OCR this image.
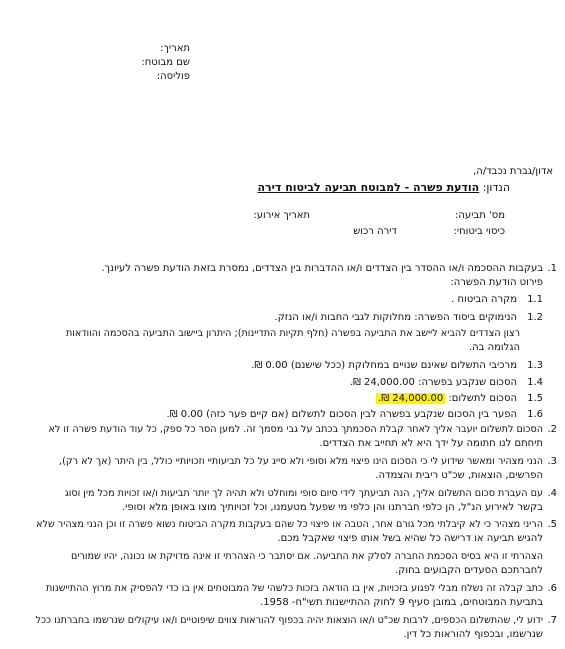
תאריך:
שם מבוטח:
פוליסה:
אדון/גברת נכבד/ה,
הנדון: הודעת פשרה - למבוטח תביעה לביטוח דירה
מס' תביעה:
תאריך אירוע:
כיסוי ביטוחי:
דירה רכוש
1.
בעקבות ההסכמה ו/או ההסדר בין הצדדים ו/או ההדברות בין הצדדים, נמסרת בזאת הודעת פשרה לעיונך.
פירוט הודעת הפשרה:
1.1
מקרה הביטוח .
1.2
הנימוקים ביסוד הפשרה: מחלוקות לגבי החבות ו/או הנזק.
רצון הצדדים להביא ליישב את התביעה בפשרה (חלף תקיות התדיינות); היתרון ביישוב התביעה בהסכמה והוודאות
הגלומה בה.
1.3
מרכיבי התשלום שאינם שנויים במחלוקת (ככל שישנם) 0.00 ₪.
1.4
הסכום שנקבע בפשרה: 24,000.00 ₪.
1.5
הסכום לתשלום: 24,000.00 ₪.
1.6
הפער בין הסכום שנקבע בפשרה לבין הסכום לתשלום (אם קיים פער כזה) 0.00 ₪.
2.
הסכום לתשלום יועבר אליך לאחר קבלת הסכמתך בכתב על גבי מסמך זה. למען הסר כל ספק, כל עוד הודעת פשרה זו לא
תיחתם לנו חתומה על ידך היא לא תחייב את הצדדים.
3.
הנני מצהיר ומאשר שידוע לי כי הסכום הינו פיצוי מלא וסופי ולא סייג על כל תביעותיי וזכויותיי כולל, בין היתר (אך לא רק),
הפרשים, הוצאות, שכ"ט ריבית והצמדה.
4.
עם העברת סכום התשלום אליך, הנה תביעתך לידי סיום סופי ומוחלט ולא תהיה לך יותר תביעות ו/או זכויות מכל מין וסוג
בקשר לאירוע הנ"ל, הן כלפי חברתנו והן כלפי מי שפעל מטעמנו, וכל זכויותיך מוצו באופן מלא וסופי.
5.
הריני מצהיר כי לא קיבלתי מכל גורם אחר, הטבה או פיצוי כל שהם בעקבות מקרה הביטוח נשוא פשרה זו וכן הנני מצהיר שלא
להגיש תביעה או דרישה כל שהיא בשל אותו פיצוי שאקבל מכם.
הצהרתי זו היא בסיס הסכמת החברה לסלק את התביעה. אם יסתבר כי הצהרתי זו אינה מדויקת או נכונה, יהיו שמורים
לחברתכם הסעדים הקבועים בחוק.
6.
כתב קבלה זה נשלח מבלי לפגוע בזכויות, אין בו הודאה בזכות כלשהי של המבוטחים אין בו כדי להפסיק את מרוץ ההתיישנות
בתביעת המבוטחים, במובן סעיף 9 לחוק ההתיישנות תשי"ח- 1958.
7.
ידוע לי, שהתשלום הכספים, לרבות שכ"ט ו/או הוצאות יהיה בכפוף להוראות צווים שיפוטיים ו/או עיקולים שנרשמו בחברתנו ככל
שנרשמו, ובכפוף להוראות כל דין.
